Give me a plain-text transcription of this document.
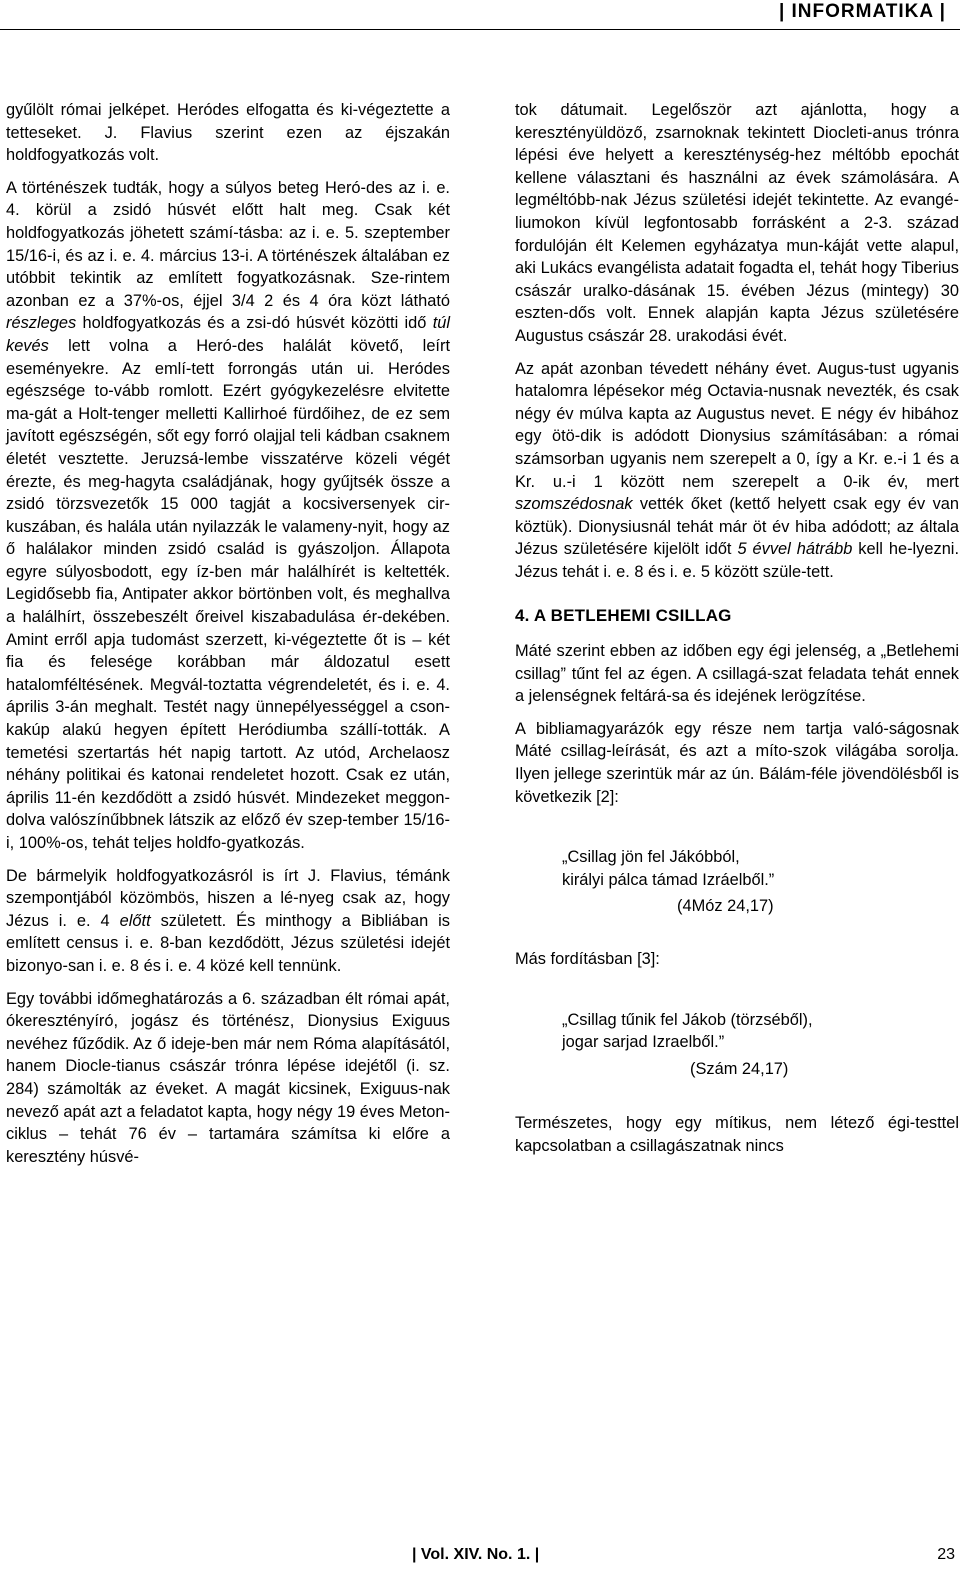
| INFORMATIKA |

gyűlölt római jelképet. Heródes elfogatta és ki-végeztette a tetteseket. J. Flavius szerint ezen az éjszakán holdfogyatkozás volt.

A történészek tudták, hogy a súlyos beteg Heró-des az i. e. 4. körül a zsidó húsvét előtt halt meg. Csak két holdfogyatkozás jöhetett számí-tásba: az i. e. 5. szeptember 15/16-i, és az i. e. 4. március 13-i. A történészek általában ez utóbbit tekintik az említett fogyatkozásnak. Sze-rintem azonban ez a 37%-os, éjjel 3/4 2 és 4 óra közt látható részleges holdfogyatkozás és a zsi-dó húsvét közötti idő túl kevés lett volna a Heró-des halálát követő, leírt eseményekre. Az emlí-tett forrongás után ui. Heródes egészsége to-vább romlott. Ezért gyógykezelésre elvitette ma-gát a Holt-tenger melletti Kallirhoé fürdőihez, de ez sem javított egészségén, sőt egy forró olajjal teli kádban csaknem életét vesztette. Jeruzsá-lembe visszatérve közeli végét érezte, és meg-hagyta családjának, hogy gyűjtsék össze a zsidó törzsvezetők 15 000 tagját a kocsiversenyek cir-kuszában, és halála után nyilazzák le valameny-nyit, hogy az ő halálakor minden zsidó család is gyászoljon. Állapota egyre súlyosbodott, egy íz-ben már halálhírét is keltették. Legidősebb fia, Antipater akkor börtönben volt, és meghallva a halálhírt, összebeszélt őreivel kiszabadulása ér-dekében. Amint erről apja tudomást szerzett, ki-végeztette őt is – két fia és felesége korábban már áldozatul esett hatalomféltésének. Megvál-toztatta végrendeletét, és i. e. 4. április 3-án meghalt. Testét nagy ünnepélyességgel a cson-kakúp alakú hegyen épített Heródiumba szállí-tották. A temetési szertartás hét napig tartott. Az utód, Archelaosz néhány politikai és katonai rendeletet hozott. Csak ez után, április 11-én kezdődött a zsidó húsvét. Mindezeket meggon-dolva valószínűbbnek látszik az előző év szep-tember 15/16-i, 100%-os, tehát teljes holdfo-gyatkozás.

De bármelyik holdfogyatkozásról is írt J. Flavius, témánk szempontjából közömbös, hiszen a lé-nyeg csak az, hogy Jézus i. e. 4 előtt született. És minthogy a Bibliában is említett census i. e. 8-ban kezdődött, Jézus születési idejét bizonyo-san i. e. 8 és i. e. 4 közé kell tennünk.

Egy további időmeghatározás a 6. században élt római apát, ókeresztényíró, jogász és történész, Dionysius Exiguus nevéhez fűződik. Az ő ideje-ben már nem Róma alapításától, hanem Diocle-tianus császár trónra lépése idejétől (i. sz. 284) számolták az éveket. A magát kicsinek, Exiguus-nak nevező apát azt a feladatot kapta, hogy négy 19 éves Meton-ciklus – tehát 76 év – tartamára számítsa ki előre a keresztény húsvé-

tok dátumait. Legelőször azt ajánlotta, hogy a keresztényüldöző, zsarnoknak tekintett Diocleti-anus trónra lépési éve helyett a kereszténység-hez méltóbb epochát kellene választani és használni az évek számolására. A legméltóbb-nak Jézus születési idejét tekintette. Az evangé-liumokon kívül legfontosabb forrásként a 2-3. század fordulóján élt Kelemen egyházatya mun-káját vette alapul, aki Lukács evangélista adatait fogadta el, tehát hogy Tiberius császár uralko-dásának 15. évében Jézus (mintegy) 30 eszten-dős volt. Ennek alapján kapta Jézus születésére Augustus császár 28. urakodási évét.

Az apát azonban tévedett néhány évet. Augus-tust ugyanis hatalomra lépésekor még Octavia-nusnak nevezték, és csak négy év múlva kapta az Augustus nevet. E négy év hibához egy ötö-dik is adódott Dionysius számításában: a római számsorban ugyanis nem szerepelt a 0, így a Kr. e.-i 1 és a Kr. u.-i 1 között nem szerepelt a 0-ik év, mert szomszédosnak vették őket (kettő helyett csak egy év van köztük). Dionysiusnál tehát már öt év hiba adódott; az általa Jézus születésére kijelölt időt 5 évvel hátrább kell he-lyezni. Jézus tehát i. e. 8 és i. e. 5 között szüle-tett.

4. A BETLEHEMI CSILLAG

Máté szerint ebben az időben egy égi jelenség, a „Betlehemi csillag” tűnt fel az égen. A csillagá-szat feladata tehát ennek a jelenségnek feltárá-sa és idejének lerögzítése.

A bibliamagyarázók egy része nem tartja való-ságosnak Máté csillag-leírását, és azt a míto-szok világába sorolja. Ilyen jellege szerintük már az ún. Bálám-féle jövendölésből is következik [2]:

„Csillag jön fel Jákóbból,
királyi pálca támad Izráelből.”
(4Móz 24,17)

Más fordításban [3]:

„Csillag tűnik fel Jákob (törzséből),
jogar sarjad Izraelből.”
(Szám 24,17)

Természetes, hogy egy mítikus, nem létező égi-testtel kapcsolatban a csillagászatnak nincs

| Vol. XIV. No. 1. |	23
